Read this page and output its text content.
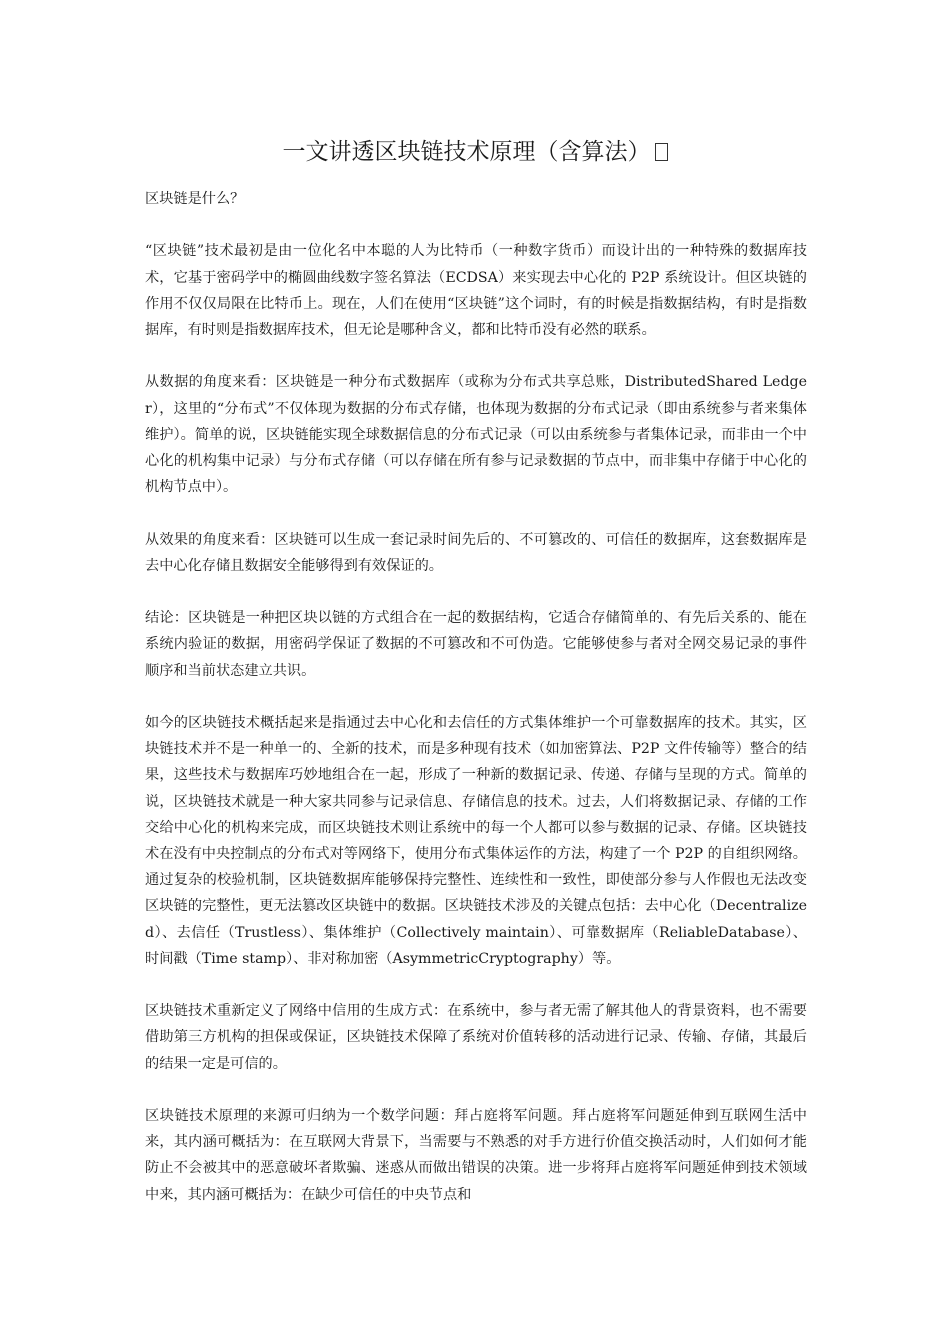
一文讲透区块链技术原理（含算法）

区块链是什么？

“区块链”技术最初是由一位化名中本聪的人为比特币（一种数字货币）而设计出的一种特殊的数据库技术，它基于密码学中的椭圆曲线数字签名算法（ECDSA）来实现去中心化的 P2P 系统设计。但区块链的作用不仅仅局限在比特币上。现在，人们在使用“区块链”这个词时，有的时候是指数据结构，有时是指数据库，有时则是指数据库技术，但无论是哪种含义，都和比特币没有必然的联系。

从数据的角度来看：区块链是一种分布式数据库（或称为分布式共享总账，DistributedShared Ledger），这里的“分布式”不仅体现为数据的分布式存储，也体现为数据的分布式记录（即由系统参与者来集体维护）。简单的说，区块链能实现全球数据信息的分布式记录（可以由系统参与者集体记录，而非由一个中心化的机构集中记录）与分布式存储（可以存储在所有参与记录数据的节点中，而非集中存储于中心化的机构节点中）。

从效果的角度来看：区块链可以生成一套记录时间先后的、不可篡改的、可信任的数据库，这套数据库是去中心化存储且数据安全能够得到有效保证的。

结论：区块链是一种把区块以链的方式组合在一起的数据结构，它适合存储简单的、有先后关系的、能在系统内验证的数据，用密码学保证了数据的不可篡改和不可伪造。它能够使参与者对全网交易记录的事件顺序和当前状态建立共识。

如今的区块链技术概括起来是指通过去中心化和去信任的方式集体维护一个可靠数据库的技术。其实，区块链技术并不是一种单一的、全新的技术，而是多种现有技术（如加密算法、P2P 文件传输等）整合的结果，这些技术与数据库巧妙地组合在一起，形成了一种新的数据记录、传递、存储与呈现的方式。简单的说，区块链技术就是一种大家共同参与记录信息、存储信息的技术。过去，人们将数据记录、存储的工作交给中心化的机构来完成，而区块链技术则让系统中的每一个人都可以参与数据的记录、存储。区块链技术在没有中央控制点的分布式对等网络下，使用分布式集体运作的方法，构建了一个 P2P 的自组织网络。通过复杂的校验机制，区块链数据库能够保持完整性、连续性和一致性，即使部分参与人作假也无法改变区块链的完整性，更无法篡改区块链中的数据。区块链技术涉及的关键点包括：去中心化（Decentralized）、去信任（Trustless）、集体维护（Collectively maintain）、可靠数据库（ReliableDatabase）、时间戳（Time stamp）、非对称加密（AsymmetricCryptography）等。

区块链技术重新定义了网络中信用的生成方式：在系统中，参与者无需了解其他人的背景资料，也不需要借助第三方机构的担保或保证，区块链技术保障了系统对价值转移的活动进行记录、传输、存储，其最后的结果一定是可信的。

区块链技术原理的来源可归纳为一个数学问题：拜占庭将军问题。拜占庭将军问题延伸到互联网生活中来，其内涵可概括为：在互联网大背景下，当需要与不熟悉的对手方进行价值交换活动时，人们如何才能防止不会被其中的恶意破坏者欺骗、迷惑从而做出错误的决策。进一步将拜占庭将军问题延伸到技术领域中来，其内涵可概括为：在缺少可信任的中央节点和
